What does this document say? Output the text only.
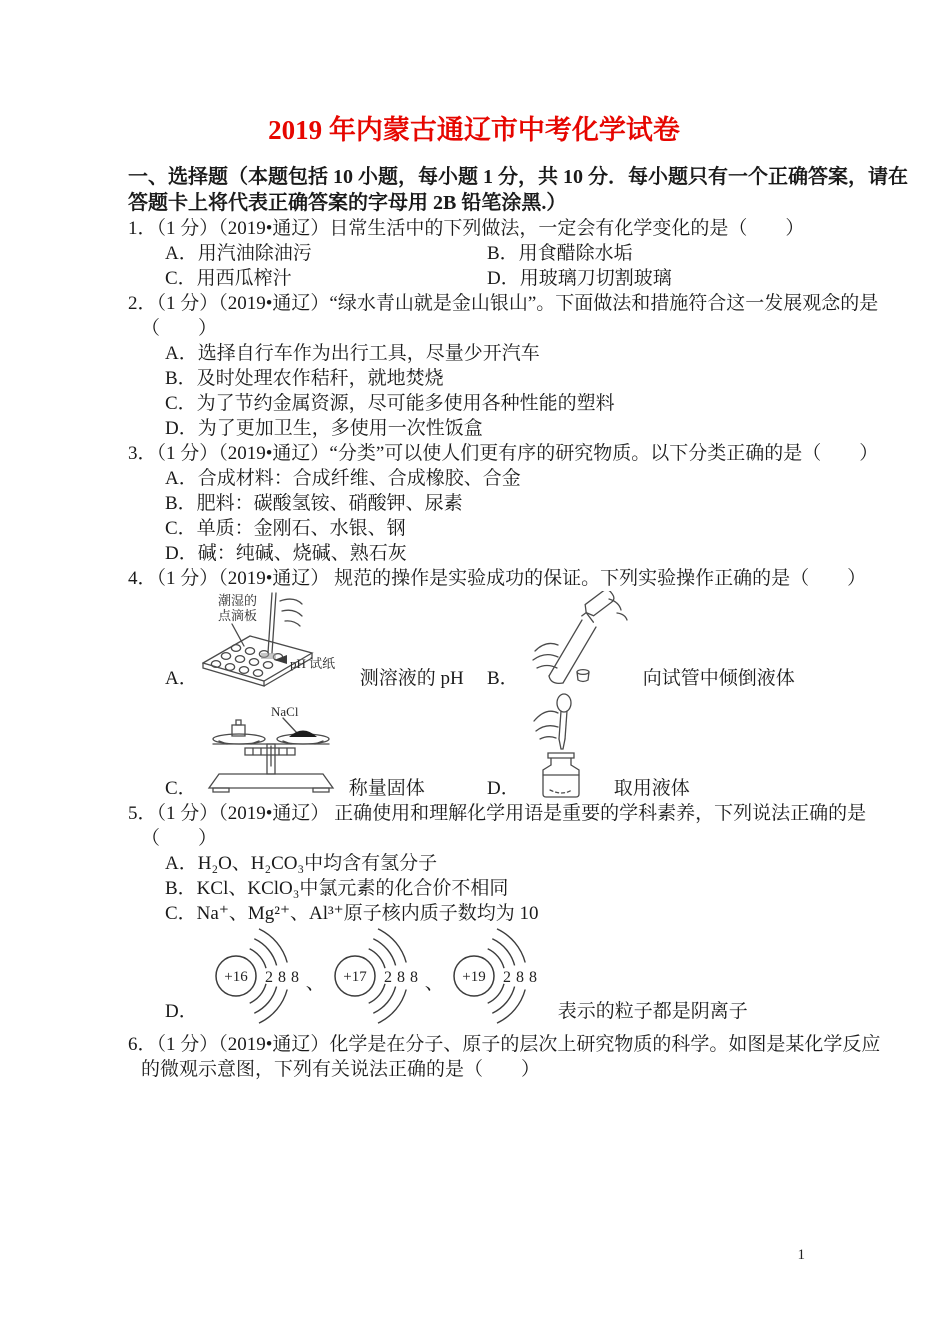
2019 年内蒙古通辽市中考化学试卷

一、选择题（本题包括 10 小题，每小题 1 分，共 10 分．每小题只有一个正确答案，请在
答题卡上将代表正确答案的字母用 2B 铅笔涂黑.）

1．（1 分）（2019•通辽）日常生活中的下列做法，一定会有化学变化的是（　　）

A．用汽油除油污	B．用食醋除水垢
C．用西瓜榨汁	D．用玻璃刀切割玻璃

2．（1 分）（2019•通辽）“绿水青山就是金山银山”。下面做法和措施符合这一发展观念的是
（　　）

A．选择自行车作为出行工具，尽量少开汽车
B．及时处理农作秸秆，就地焚烧
C．为了节约金属资源，尽可能多使用各种性能的塑料
D．为了更加卫生，多使用一次性饭盒

3．（1 分）（2019•通辽）“分类”可以使人们更有序的研究物质。以下分类正确的是（　　）

A．合成材料：合成纤维、合成橡胶、合金
B．肥料：碳酸氢铵、硝酸钾、尿素
C．单质：金刚石、水银、钢
D．碱：纯碱、烧碱、熟石灰

4．（1 分）（2019•通辽） 规范的操作是实验成功的保证。下列实验操作正确的是（　　）

A．
潮湿的
点滴板
pH 试纸
测溶液的 pH B．	向试管中倾倒液体
C．
NaCl
称量固体	D．	取用液体

5．（1 分）（2019•通辽） 正确使用和理解化学用语是重要的学科素养，下列说法正确的是
（　　）

A．H₂O、H₂CO₃中均含有氢分子
B．KCl、KClO₃中氯元素的化合价不相同
C．Na⁺、Mg²⁺、Al³⁺原子核内质子数均为 10
D．
+16 2 8 8 、 +17 2 8 8 、 +19 2 8 8
表示的粒子都是阴离子

6．（1 分）（2019•通辽）化学是在分子、原子的层次上研究物质的科学。如图是某化学反应
的微观示意图，下列有关说法正确的是（　　）

1
